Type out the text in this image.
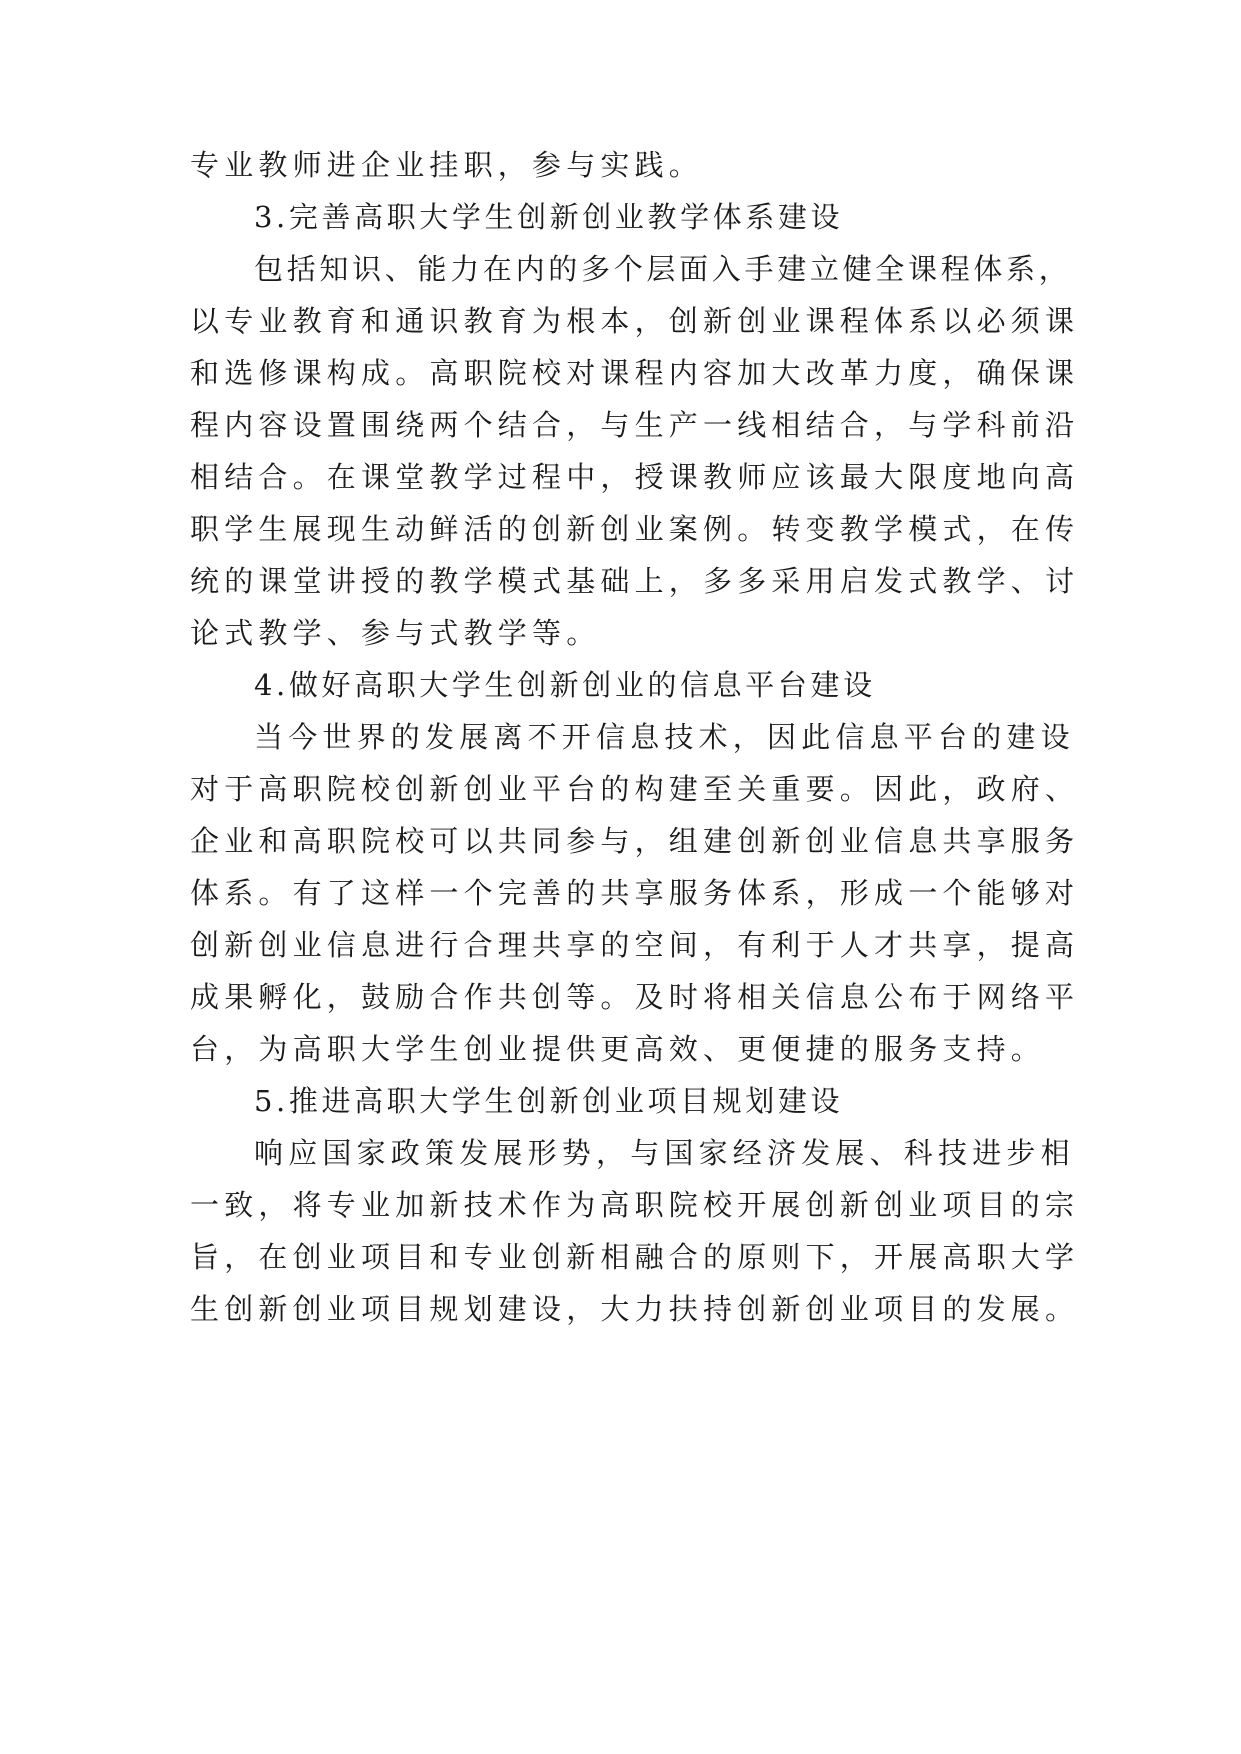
专业教师进企业挂职，参与实践。

3.完善高职大学生创新创业教学体系建设

包括知识、能力在内的多个层面入手建立健全课程体系，

以专业教育和通识教育为根本，创新创业课程体系以必须课

和选修课构成。高职院校对课程内容加大改革力度，确保课

程内容设置围绕两个结合，与生产一线相结合，与学科前沿

相结合。在课堂教学过程中，授课教师应该最大限度地向高

职学生展现生动鲜活的创新创业案例。转变教学模式，在传

统的课堂讲授的教学模式基础上，多多采用启发式教学、讨

论式教学、参与式教学等。

4.做好高职大学生创新创业的信息平台建设

当今世界的发展离不开信息技术，因此信息平台的建设

对于高职院校创新创业平台的构建至关重要。因此，政府、

企业和高职院校可以共同参与，组建创新创业信息共享服务

体系。有了这样一个完善的共享服务体系，形成一个能够对

创新创业信息进行合理共享的空间，有利于人才共享，提高

成果孵化，鼓励合作共创等。及时将相关信息公布于网络平

台，为高职大学生创业提供更高效、更便捷的服务支持。

5.推进高职大学生创新创业项目规划建设

响应国家政策发展形势，与国家经济发展、科技进步相

一致，将专业加新技术作为高职院校开展创新创业项目的宗

旨，在创业项目和专业创新相融合的原则下，开展高职大学

生创新创业项目规划建设，大力扶持创新创业项目的发展。
